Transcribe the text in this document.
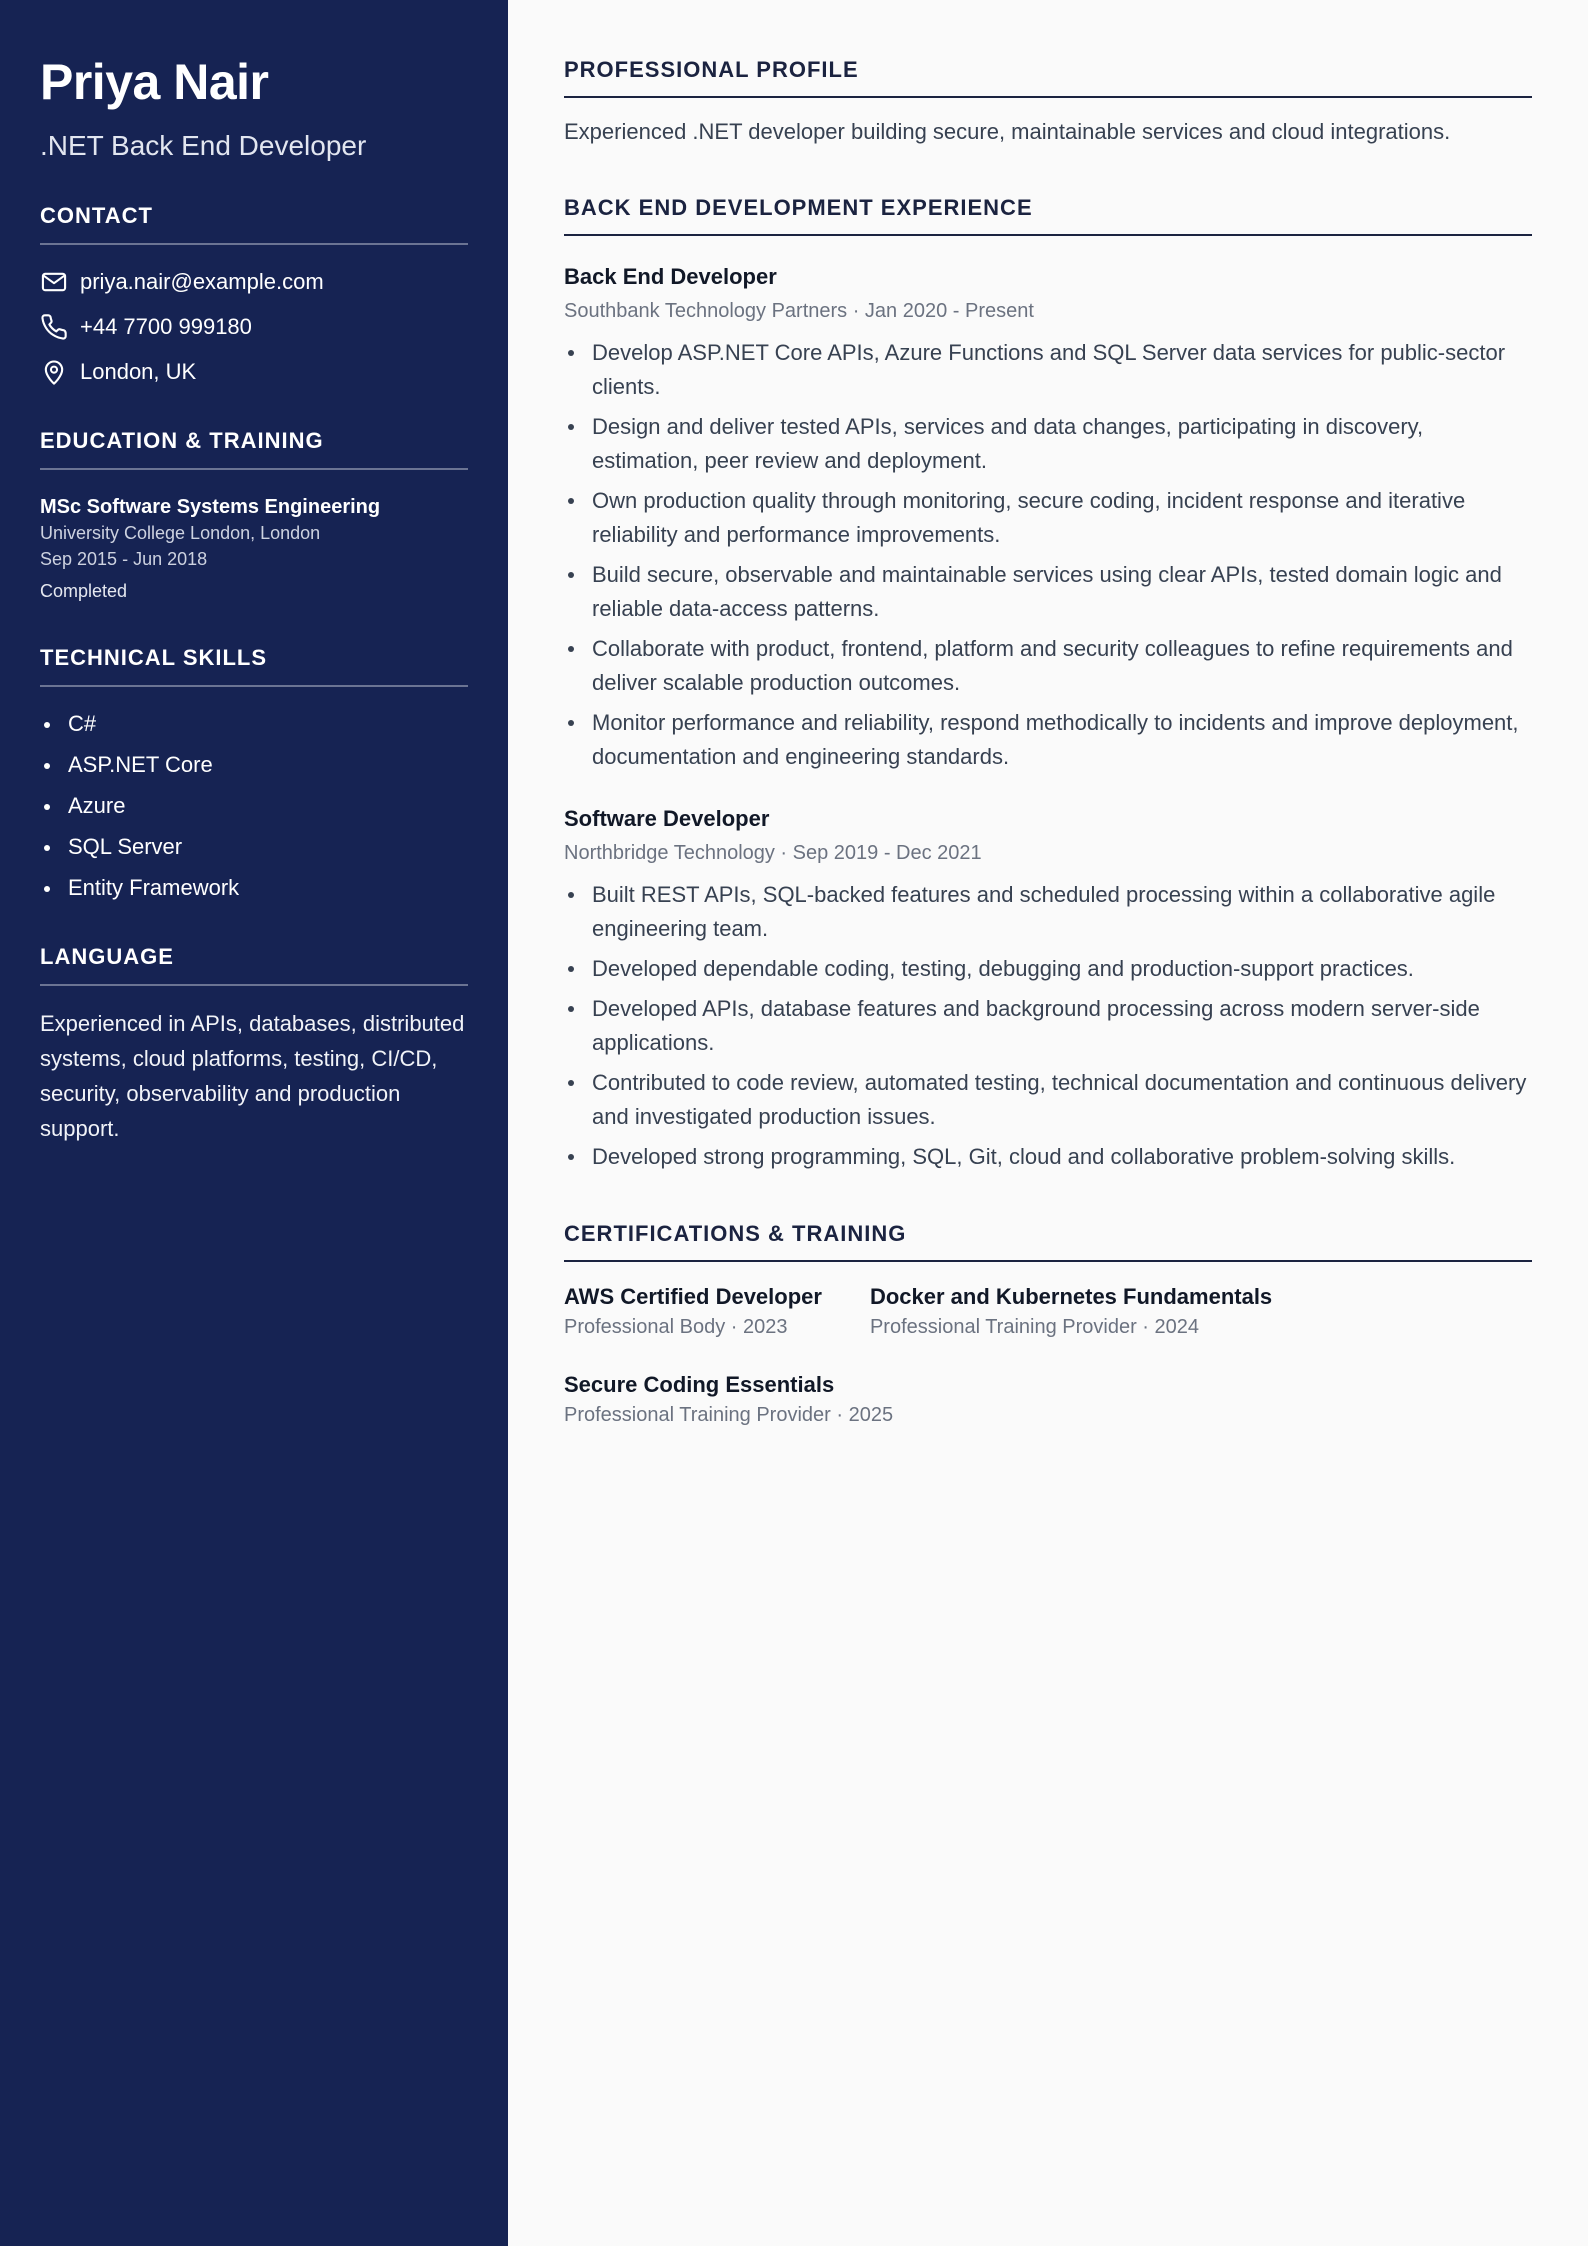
Priya Nair
.NET Back End Developer
CONTACT
priya.nair@example.com
+44 7700 999180
London, UK
EDUCATION & TRAINING
MSc Software Systems Engineering
University College London, London
Sep 2015 - Jun 2018
Completed
TECHNICAL SKILLS
C#
ASP.NET Core
Azure
SQL Server
Entity Framework
LANGUAGE
Experienced in APIs, databases, distributed systems, cloud platforms, testing, CI/CD, security, observability and production support.
PROFESSIONAL PROFILE
Experienced .NET developer building secure, maintainable services and cloud integrations.
BACK END DEVELOPMENT EXPERIENCE
Back End Developer
Southbank Technology Partners · Jan 2020 - Present
Develop ASP.NET Core APIs, Azure Functions and SQL Server data services for public-sector clients.
Design and deliver tested APIs, services and data changes, participating in discovery, estimation, peer review and deployment.
Own production quality through monitoring, secure coding, incident response and iterative reliability and performance improvements.
Build secure, observable and maintainable services using clear APIs, tested domain logic and reliable data-access patterns.
Collaborate with product, frontend, platform and security colleagues to refine requirements and deliver scalable production outcomes.
Monitor performance and reliability, respond methodically to incidents and improve deployment, documentation and engineering standards.
Software Developer
Northbridge Technology · Sep 2019 - Dec 2021
Built REST APIs, SQL-backed features and scheduled processing within a collaborative agile engineering team.
Developed dependable coding, testing, debugging and production-support practices.
Developed APIs, database features and background processing across modern server-side applications.
Contributed to code review, automated testing, technical documentation and continuous delivery and investigated production issues.
Developed strong programming, SQL, Git, cloud and collaborative problem-solving skills.
CERTIFICATIONS & TRAINING
AWS Certified Developer
Professional Body · 2023
Docker and Kubernetes Fundamentals
Professional Training Provider · 2024
Secure Coding Essentials
Professional Training Provider · 2025
